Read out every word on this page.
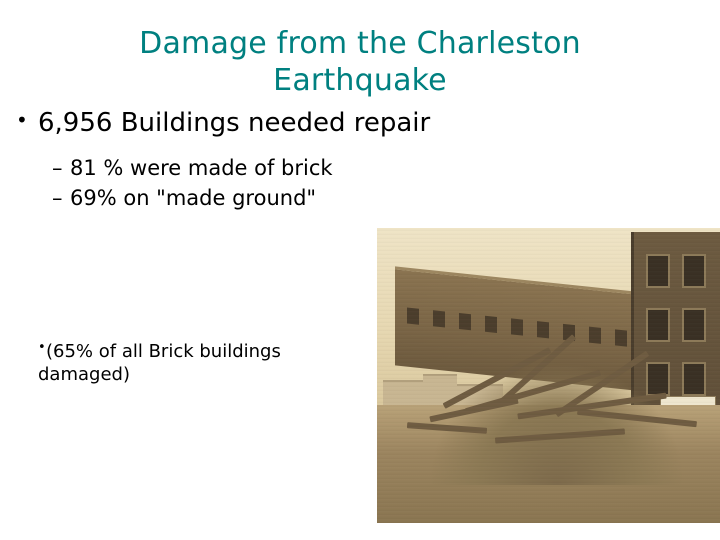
Damage from the Charleston Earthquake
• 6,956 Buildings needed repair
– 81 % were made of brick
– 69% on "made ground"
•(65% of all Brick buildings damaged)
